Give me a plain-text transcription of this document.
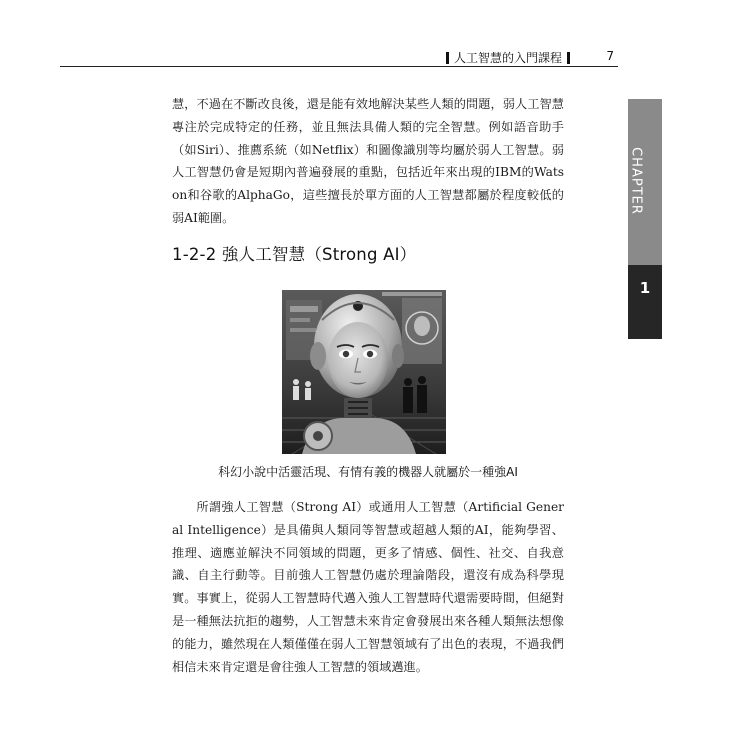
人工智慧的入門課程	7
CHAPTER
1

慧，不過在不斷改良後，還是能有效地解決某些人類的問題，弱人工智慧專注於完成特定的任務，並且無法具備人類的完全智慧。例如語音助手（如Siri）、推薦系統（如Netflix）和圖像識別等均屬於弱人工智慧。弱人工智慧仍會是短期內普遍發展的重點，包括近年來出現的IBM的Watson和谷歌的AlphaGo，這些擅長於單方面的人工智慧都屬於程度較低的弱AI範圍。

1-2-2 強人工智慧（Strong AI）
科幻小說中活靈活現、有情有義的機器人就屬於一種強AI

所謂強人工智慧（Strong AI）或通用人工智慧（Artificial General Intelligence）是具備與人類同等智慧或超越人類的AI，能夠學習、推理、適應並解決不同領域的問題，更多了情感、個性、社交、自我意識、自主行動等。目前強人工智慧仍處於理論階段，還沒有成為科學現實。事實上，從弱人工智慧時代邁入強人工智慧時代還需要時間，但絕對是一種無法抗拒的趨勢，人工智慧未來肯定會發展出來各種人類無法想像的能力，雖然現在人類僅僅在弱人工智慧領域有了出色的表現，不過我們相信未來肯定還是會往強人工智慧的領域邁進。
